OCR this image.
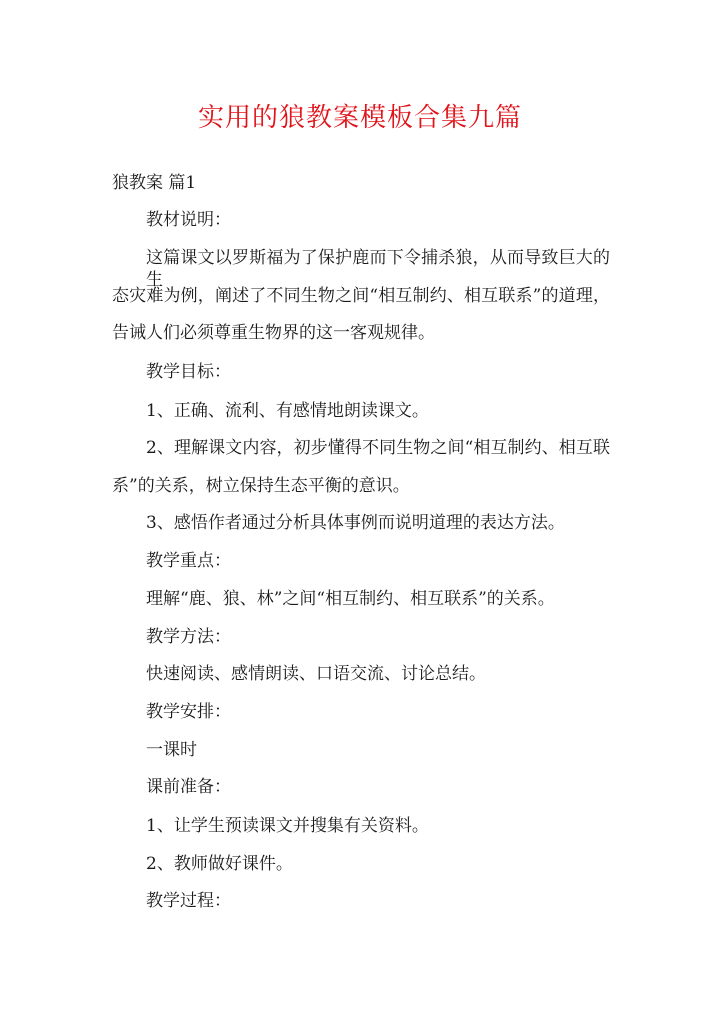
实用的狼教案模板合集九篇
狼教案 篇1
教材说明：
这篇课文以罗斯福为了保护鹿而下令捕杀狼，从而导致巨大的生
态灾难为例，阐述了不同生物之间“相互制约、相互联系”的道理，
告诫人们必须尊重生物界的这一客观规律。
教学目标：
1、正确、流利、有感情地朗读课文。
2、理解课文内容，初步懂得不同生物之间“相互制约、相互联
系”的关系，树立保持生态平衡的意识。
3、感悟作者通过分析具体事例而说明道理的表达方法。
教学重点：
理解“鹿、狼、林”之间“相互制约、相互联系”的关系。
教学方法：
快速阅读、感情朗读、口语交流、讨论总结。
教学安排：
一课时
课前准备：
1、让学生预读课文并搜集有关资料。
2、教师做好课件。
教学过程：
